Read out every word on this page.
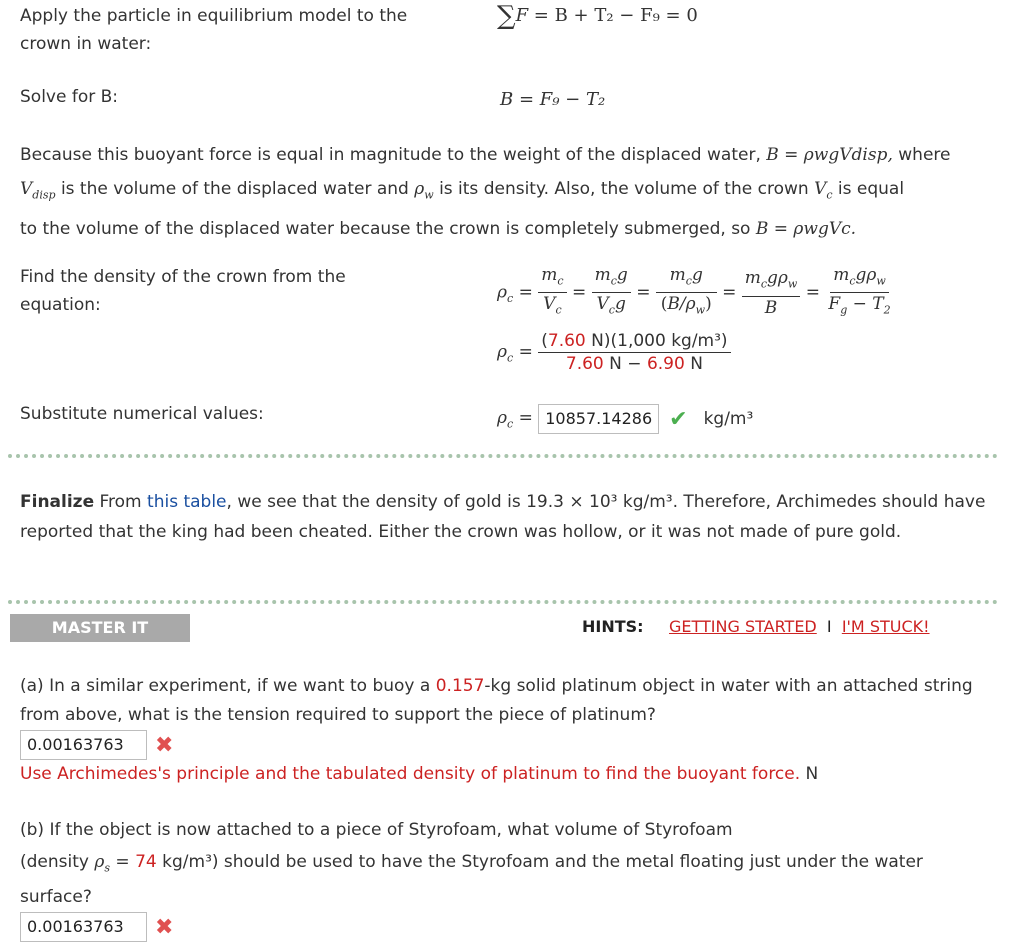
Apply the particle in equilibrium model to the crown in water:
∑F = B + T₂ − F₉ = 0
Solve for B:	B = F₉ − T₂
Because this buoyant force is equal in magnitude to the weight of the displaced water, B = ρwgVdisp, where
$V_{disp}$ is the volume of the displaced water and $\rho_w$ is its density. Also, the volume of the crown $V_c$ is equal
to the volume of the displaced water because the crown is completely submerged, so B = ρwgVc.
Find the density of the crown from the equation:
$\rho_c = \frac{m_c}{V_c} = \frac{m_cg}{V_cg} = \frac{m_cg}{(B/\rho_w)} = \frac{m_cg\rho_w}{B} = \frac{m_cg\rho_w}{F_g - T_2}$
$\rho_c = \frac{\text{(7.60 N)(1,000 kg/m³)}}{7.60 N - 6.90 N}$
Substitute numerical values:	$\rho_c = 10857.14286$ ✔ kg/m³
Finalize From this table, we see that the density of gold is 19.3 × 10³ kg/m³. Therefore, Archimedes should have reported that the king had been cheated. Either the crown was hollow, or it was not made of pure gold.
MASTER IT	HINTS: GETTING STARTED I I'M STUCK!
(a) In a similar experiment, if we want to buoy a 0.157-kg solid platinum object in water with an attached string from above, what is the tension required to support the piece of platinum?
0.00163763	✖
Use Archimedes's principle and the tabulated density of platinum to find the buoyant force. N
(b) If the object is now attached to a piece of Styrofoam, what volume of Styrofoam
(density $\rho_s = 74$ kg/m³) should be used to have the Styrofoam and the metal floating just under the water
surface?
0.00163763	✖
